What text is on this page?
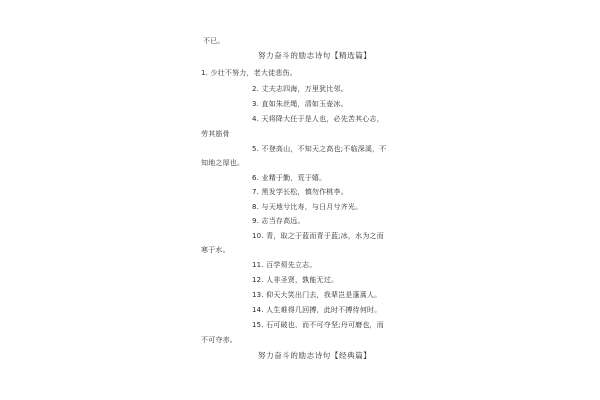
不已。
努力奋斗的励志诗句【精选篇】
1. 少壮不努力，老大徒悲伤。
2. 丈夫志四海，万里犹比邻。
3. 直如朱丝绳，清如玉壶冰。
4. 天将降大任于是人也，必先苦其心志，
劳其筋骨
5. 不登高山，不知天之高也;不临深溪，不
知地之厚也。
6. 业精于勤，荒于嬉。
7. 黑发学长松，慎勿作桃李。
8. 与天地兮比寿，与日月兮齐光。
9. 志当存高远。
10. 青，取之于蓝而青于蓝;冰，水为之而
寒于水。
11. 百学须先立志。
12. 人非圣贤，孰能无过。
13. 仰天大笑出门去，我辈岂是蓬蒿人。
14. 人生难得几回搏，此时不搏待何时。
15. 石可破也，而不可夺坚;丹可磨也，而
不可夺赤。
努力奋斗的励志诗句【经典篇】
